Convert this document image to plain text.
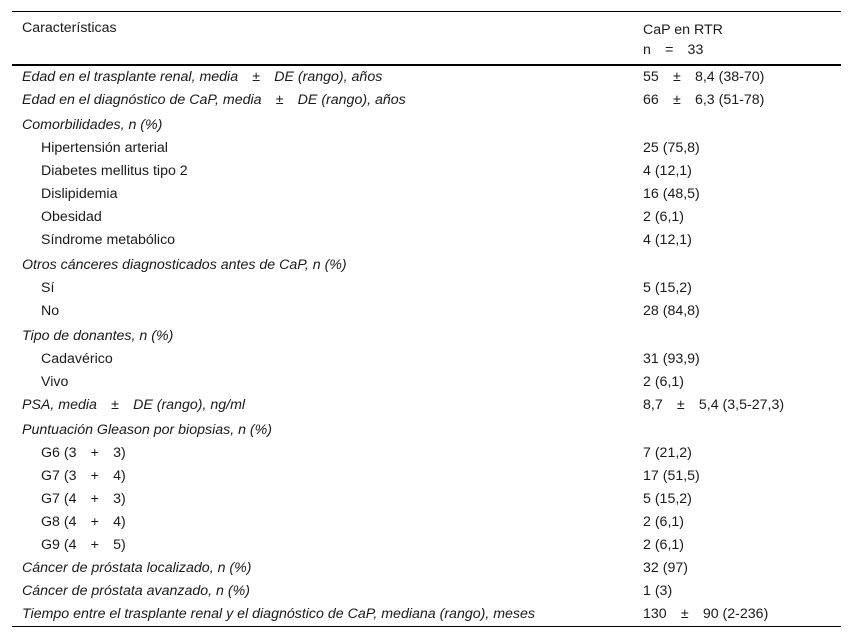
Características	CaP en RTR
n  =  33
Edad en el trasplante renal, media  ±  DE (rango), años	55  ±  8,4 (38-70)
Edad en el diagnóstico de CaP, media  ±  DE (rango), años	66  ±  6,3 (51-78)
Comorbilidades, n (%)
Hipertensión arterial	25 (75,8)
Diabetes mellitus tipo 2	4 (12,1)
Dislipidemia	16 (48,5)
Obesidad	2 (6,1)
Síndrome metabólico	4 (12,1)
Otros cánceres diagnosticados antes de CaP, n (%)
Sí	5 (15,2)
No	28 (84,8)
Tipo de donantes, n (%)
Cadavérico	31 (93,9)
Vivo	2 (6,1)
PSA, media  ±  DE (rango), ng/ml	8,7  ±  5,4 (3,5-27,3)
Puntuación Gleason por biopsias, n (%)
G6 (3  +  3)	7 (21,2)
G7 (3  +  4)	17 (51,5)
G7 (4  +  3)	5 (15,2)
G8 (4  +  4)	2 (6,1)
G9 (4  +  5)	2 (6,1)
Cáncer de próstata localizado, n (%)	32 (97)
Cáncer de próstata avanzado, n (%)	1 (3)
Tiempo entre el trasplante renal y el diagnóstico de CaP, mediana (rango), meses	130  ±  90 (2-236)
